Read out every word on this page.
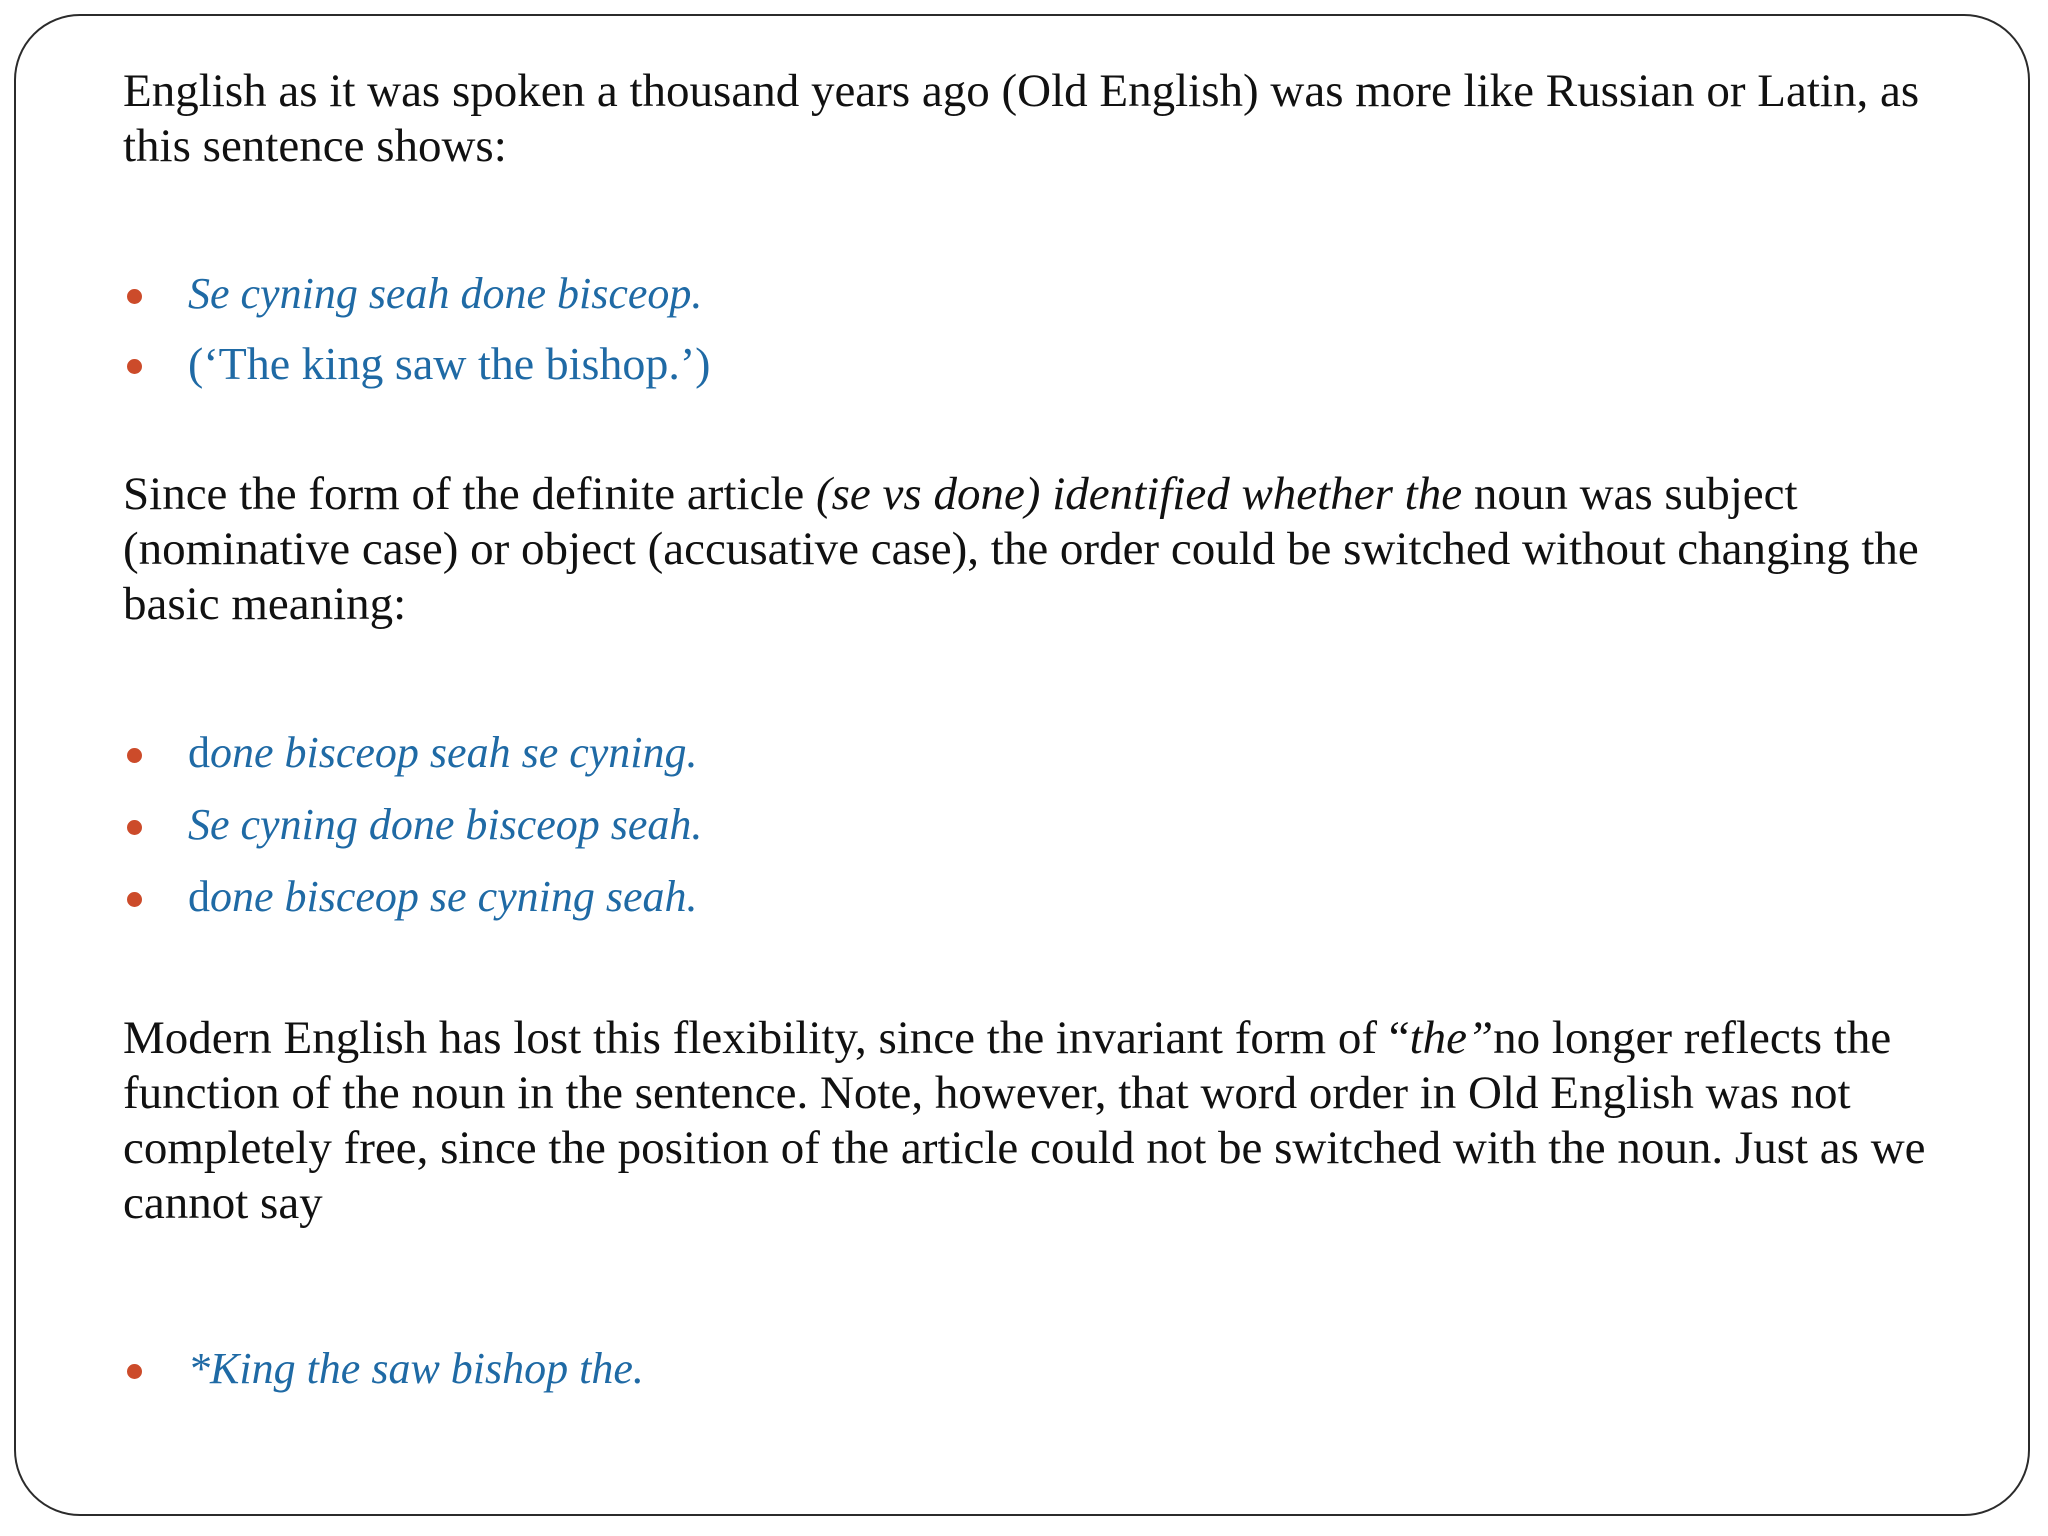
English as it was spoken a thousand years ago (Old English) was more like Russian or Latin, as this sentence shows:

Se cyning seah done bisceop.
(‘The king saw the bishop.’)

Since the form of the definite article (se vs done) identified whether the noun was subject (nominative case) or object (accusative case), the order could be switched without changing the basic meaning:

done bisceop seah se cyning.
Se cyning done bisceop seah.
done bisceop se cyning seah.

Modern English has lost this flexibility, since the invariant form of “the”no longer reflects the function of the noun in the sentence. Note, however, that word order in Old English was not completely free, since the position of the article could not be switched with the noun. Just as we cannot say

*King the saw bishop the.
